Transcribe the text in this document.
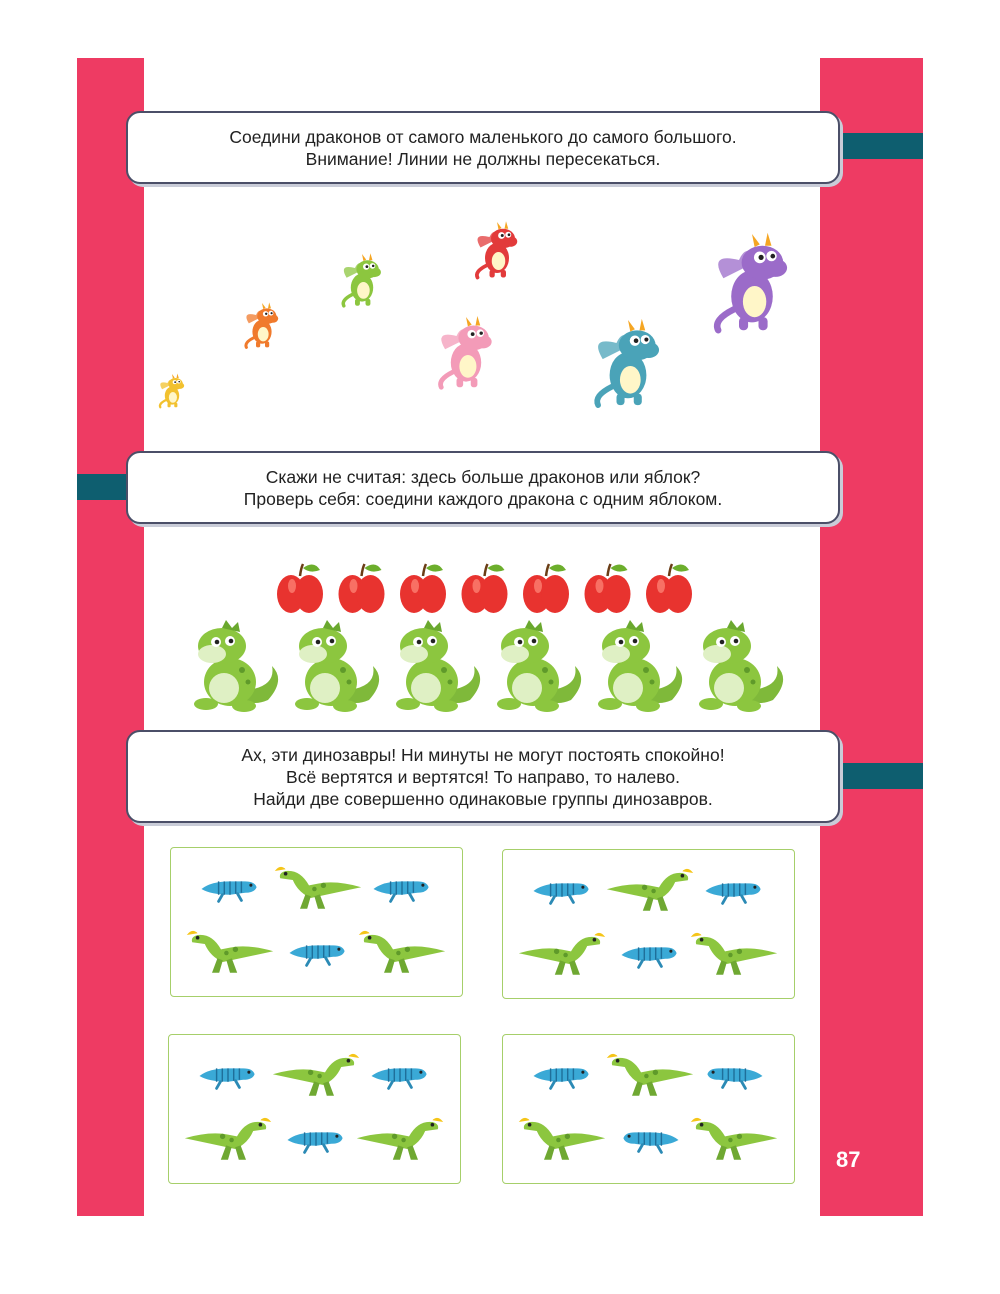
Соедини драконов от самого маленького до самого большого.
Внимание! Линии не должны пересекаться.
Скажи не считая: здесь больше драконов или яблок?
Проверь себя: соедини каждого дракона с одним яблоком.
Ах, эти динозавры! Ни минуты не могут постоять спокойно!
Всё вертятся и вертятся! То направо, то налево.
Найди две совершенно одинаковые группы динозавров.
87
